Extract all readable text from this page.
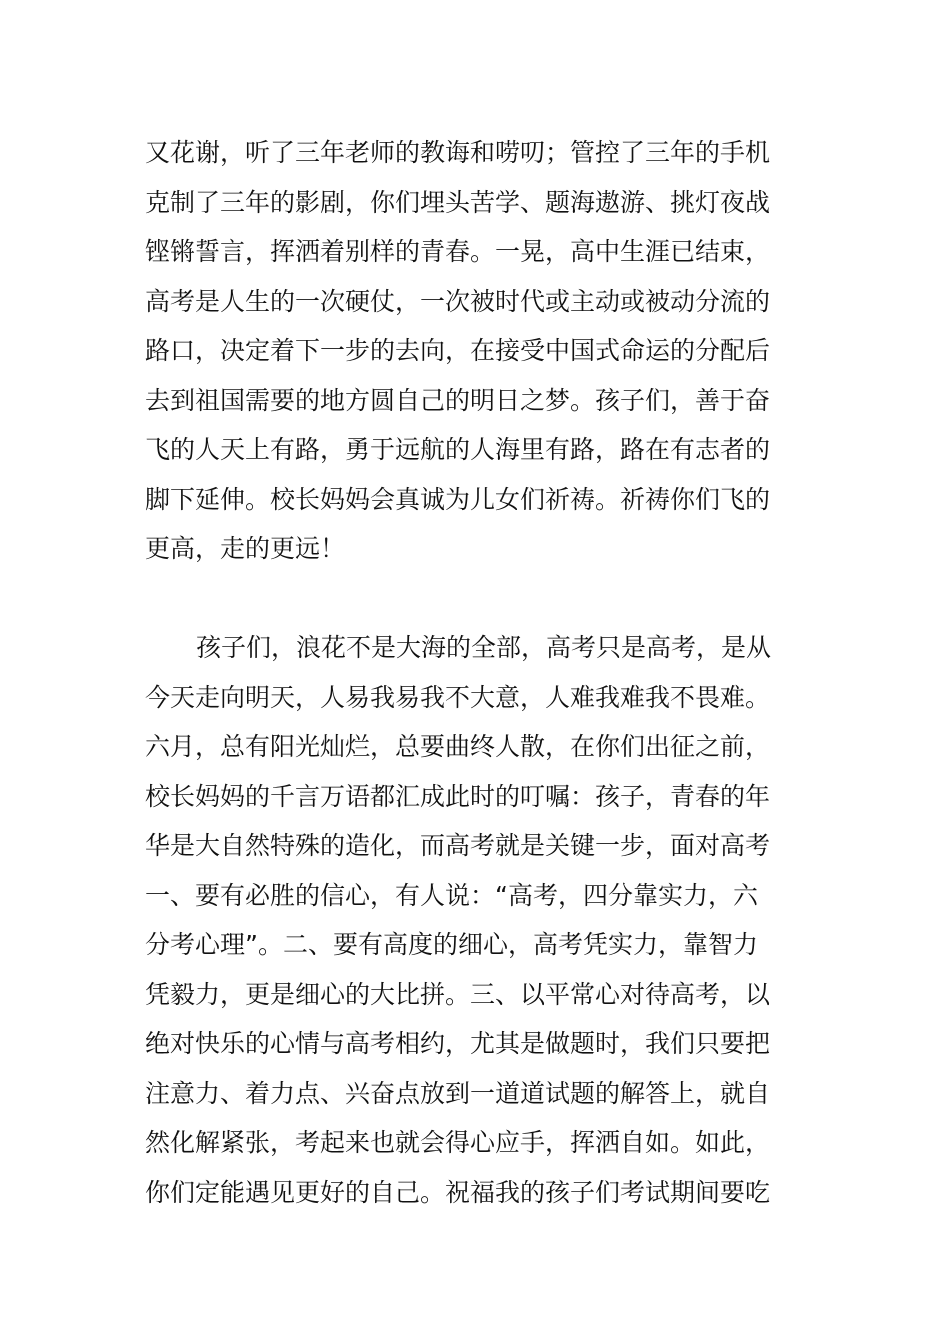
又花谢，听了三年老师的教诲和唠叨；管控了三年的手机
克制了三年的影剧，你们埋头苦学、题海遨游、挑灯夜战
铿锵誓言，挥洒着别样的青春。一晃，高中生涯已结束，
高考是人生的一次硬仗，一次被时代或主动或被动分流的
路口，决定着下一步的去向，在接受中国式命运的分配后
去到祖国需要的地方圆自己的明日之梦。孩子们，善于奋
飞的人天上有路，勇于远航的人海里有路，路在有志者的
脚下延伸。校长妈妈会真诚为儿女们祈祷。祈祷你们飞的
更高，走的更远！
孩子们，浪花不是大海的全部，高考只是高考，是从
今天走向明天，人易我易我不大意，人难我难我不畏难。
六月，总有阳光灿烂，总要曲终人散，在你们出征之前，
校长妈妈的千言万语都汇成此时的叮嘱：孩子，青春的年
华是大自然特殊的造化，而高考就是关键一步，面对高考
一、要有必胜的信心，有人说：“高考，四分靠实力，六
分考心理”。二、要有高度的细心，高考凭实力，靠智力
凭毅力，更是细心的大比拼。三、以平常心对待高考，以
绝对快乐的心情与高考相约，尤其是做题时，我们只要把
注意力、着力点、兴奋点放到一道道试题的解答上，就自
然化解紧张，考起来也就会得心应手，挥洒自如。如此，
你们定能遇见更好的自己。祝福我的孩子们考试期间要吃
